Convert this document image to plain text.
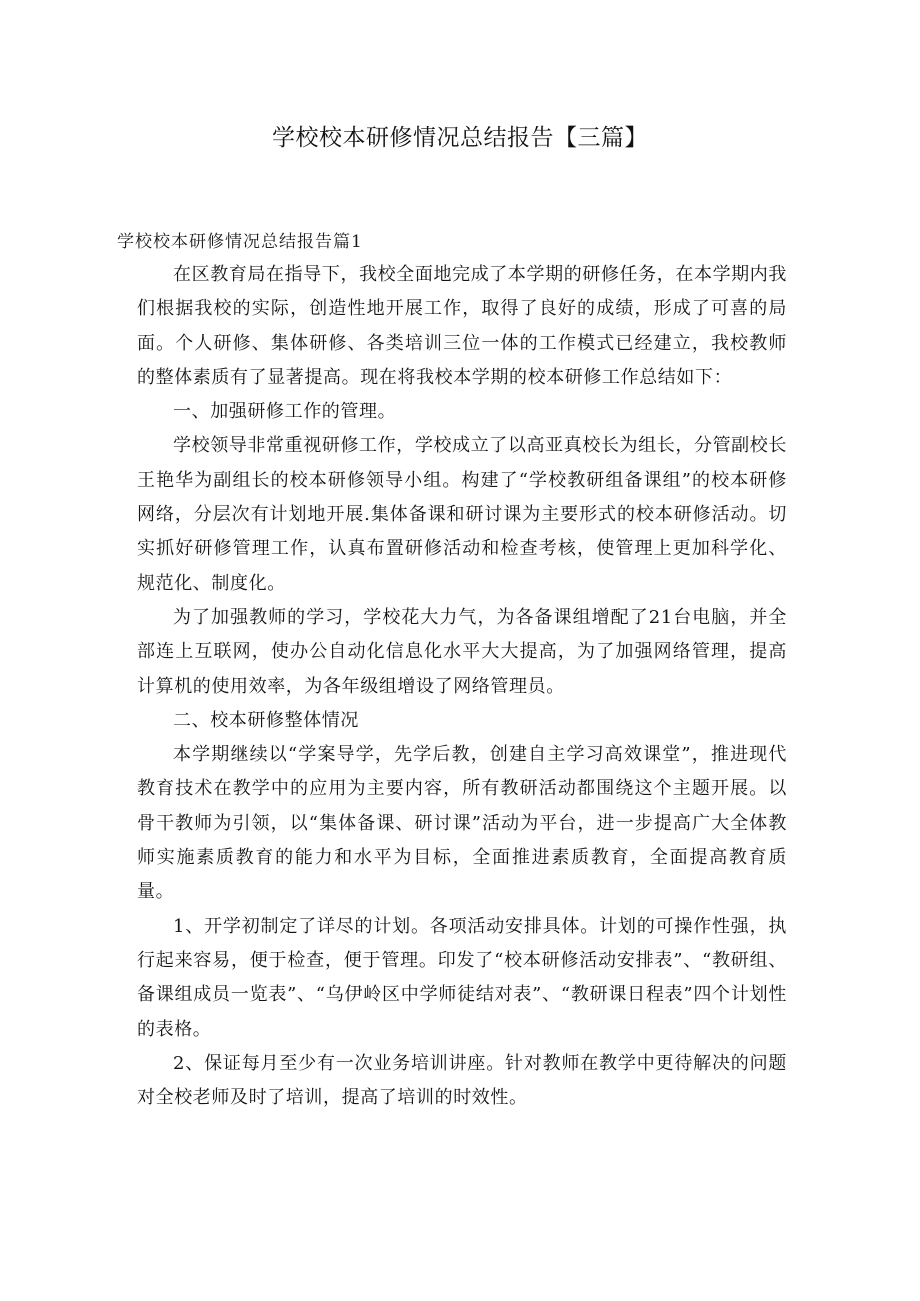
学校校本研修情况总结报告【三篇】
学校校本研修情况总结报告篇1

在区教育局在指导下，我校全面地完成了本学期的研修任务，在本学期内我们根据我校的实际，创造性地开展工作，取得了良好的成绩，形成了可喜的局面。个人研修、集体研修、各类培训三位一体的工作模式已经建立，我校教师的整体素质有了显著提高。现在将我校本学期的校本研修工作总结如下：

一、加强研修工作的管理。

学校领导非常重视研修工作，学校成立了以高亚真校长为组长，分管副校长王艳华为副组长的校本研修领导小组。构建了“学校教研组备课组”的校本研修网络，分层次有计划地开展.集体备课和研讨课为主要形式的校本研修活动。切实抓好研修管理工作，认真布置研修活动和检查考核，使管理上更加科学化、规范化、制度化。

为了加强教师的学习，学校花大力气，为各备课组增配了21台电脑，并全部连上互联网，使办公自动化信息化水平大大提高，为了加强网络管理，提高计算机的使用效率，为各年级组增设了网络管理员。

二、校本研修整体情况

本学期继续以“学案导学，先学后教，创建自主学习高效课堂”，推进现代教育技术在教学中的应用为主要内容，所有教研活动都围绕这个主题开展。以骨干教师为引领，以“集体备课、研讨课”活动为平台，进一步提高广大全体教师实施素质教育的能力和水平为目标，全面推进素质教育，全面提高教育质量。

1、开学初制定了详尽的计划。各项活动安排具体。计划的可操作性强，执行起来容易，便于检查，便于管理。印发了“校本研修活动安排表”、“教研组、备课组成员一览表”、“乌伊岭区中学师徒结对表”、“教研课日程表”四个计划性的表格。

2、保证每月至少有一次业务培训讲座。针对教师在教学中更待解决的问题对全校老师及时了培训，提高了培训的时效性。
